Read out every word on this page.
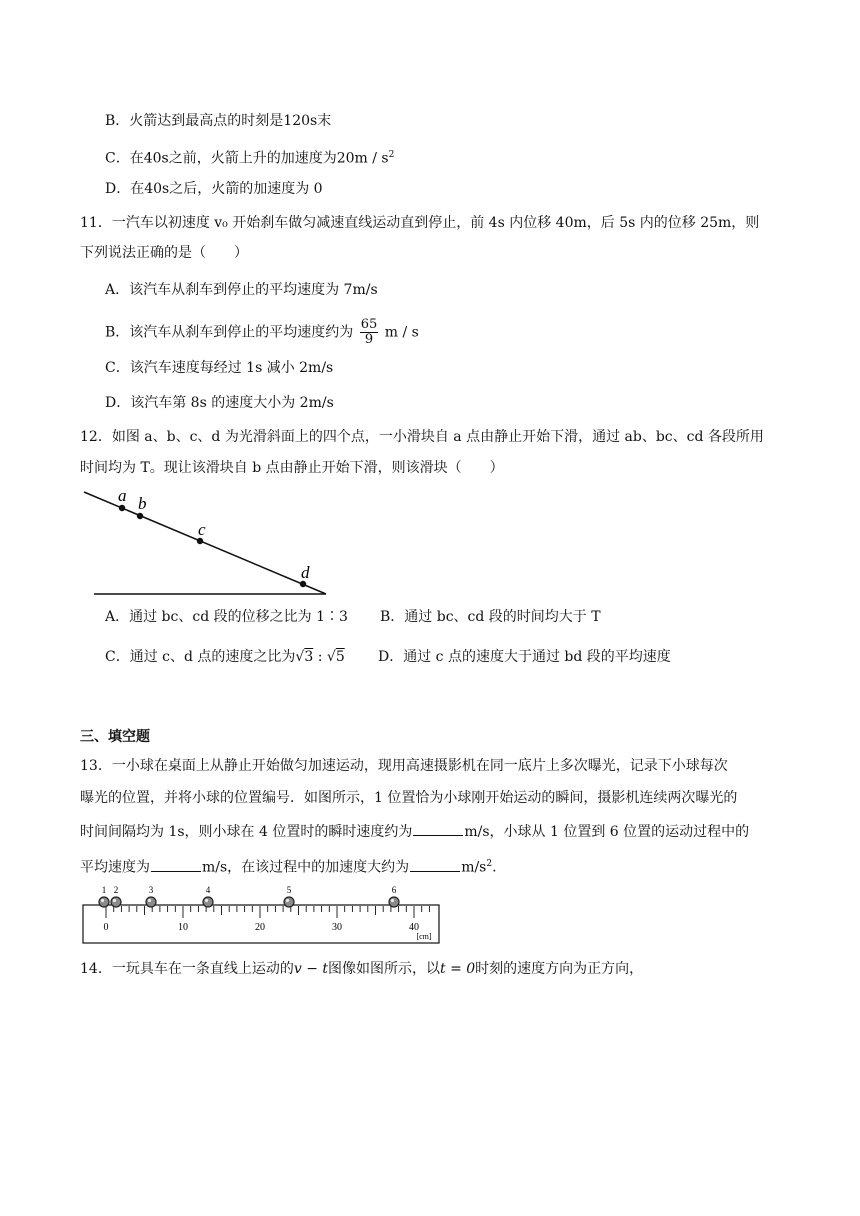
B．火箭达到最高点的时刻是120s末
C．在40s之前，火箭上升的加速度为$20m / s^2$
D．在40s之后，火箭的加速度为 0
11．一汽车以初速度 v₀ 开始刹车做匀减速直线运动直到停止，前 4s 内位移 40m，后 5s 内的位移 25m，则
下列说法正确的是（　　）
A．该汽车从刹车到停止的平均速度为 7m/s
B．该汽车从刹车到停止的平均速度约为 $\frac{65}{9}$ m / s
C．该汽车速度每经过 1s 减小 2m/s
D．该汽车第 8s 的速度大小为 2m/s
12．如图 a、b、c、d 为光滑斜面上的四个点，一小滑块自 a 点由静止开始下滑，通过 ab、bc、cd 各段所用
时间均为 T。现让该滑块自 b 点由静止开始下滑，则该滑块（　　）
a b
c
d
A．通过 bc、cd 段的位移之比为 1∶3 B．通过 bc、cd 段的时间均大于 T
C．通过 c、d 点的速度之比为√3 : √5 D．通过 c 点的速度大于通过 bd 段的平均速度
三、填空题
13．一小球在桌面上从静止开始做匀加速运动，现用高速摄影机在同一底片上多次曝光，记录下小球每次
曝光的位置，并将小球的位置编号．如图所示，1 位置恰为小球刚开始运动的瞬间，摄影机连续两次曝光的
时间间隔均为 1s，则小球在 4 位置时的瞬时速度约为	m/s，小球从 1 位置到 6 位置的运动过程中的
平均速度为	m/s，在该过程中的加速度大约为	$m/s^2$.
0	10	20	30	40
[cm]
1 2	3	4	5	6
14．一玩具车在一条直线上运动的v − t图像如图所示，以t = 0时刻的速度方向为正方向，
